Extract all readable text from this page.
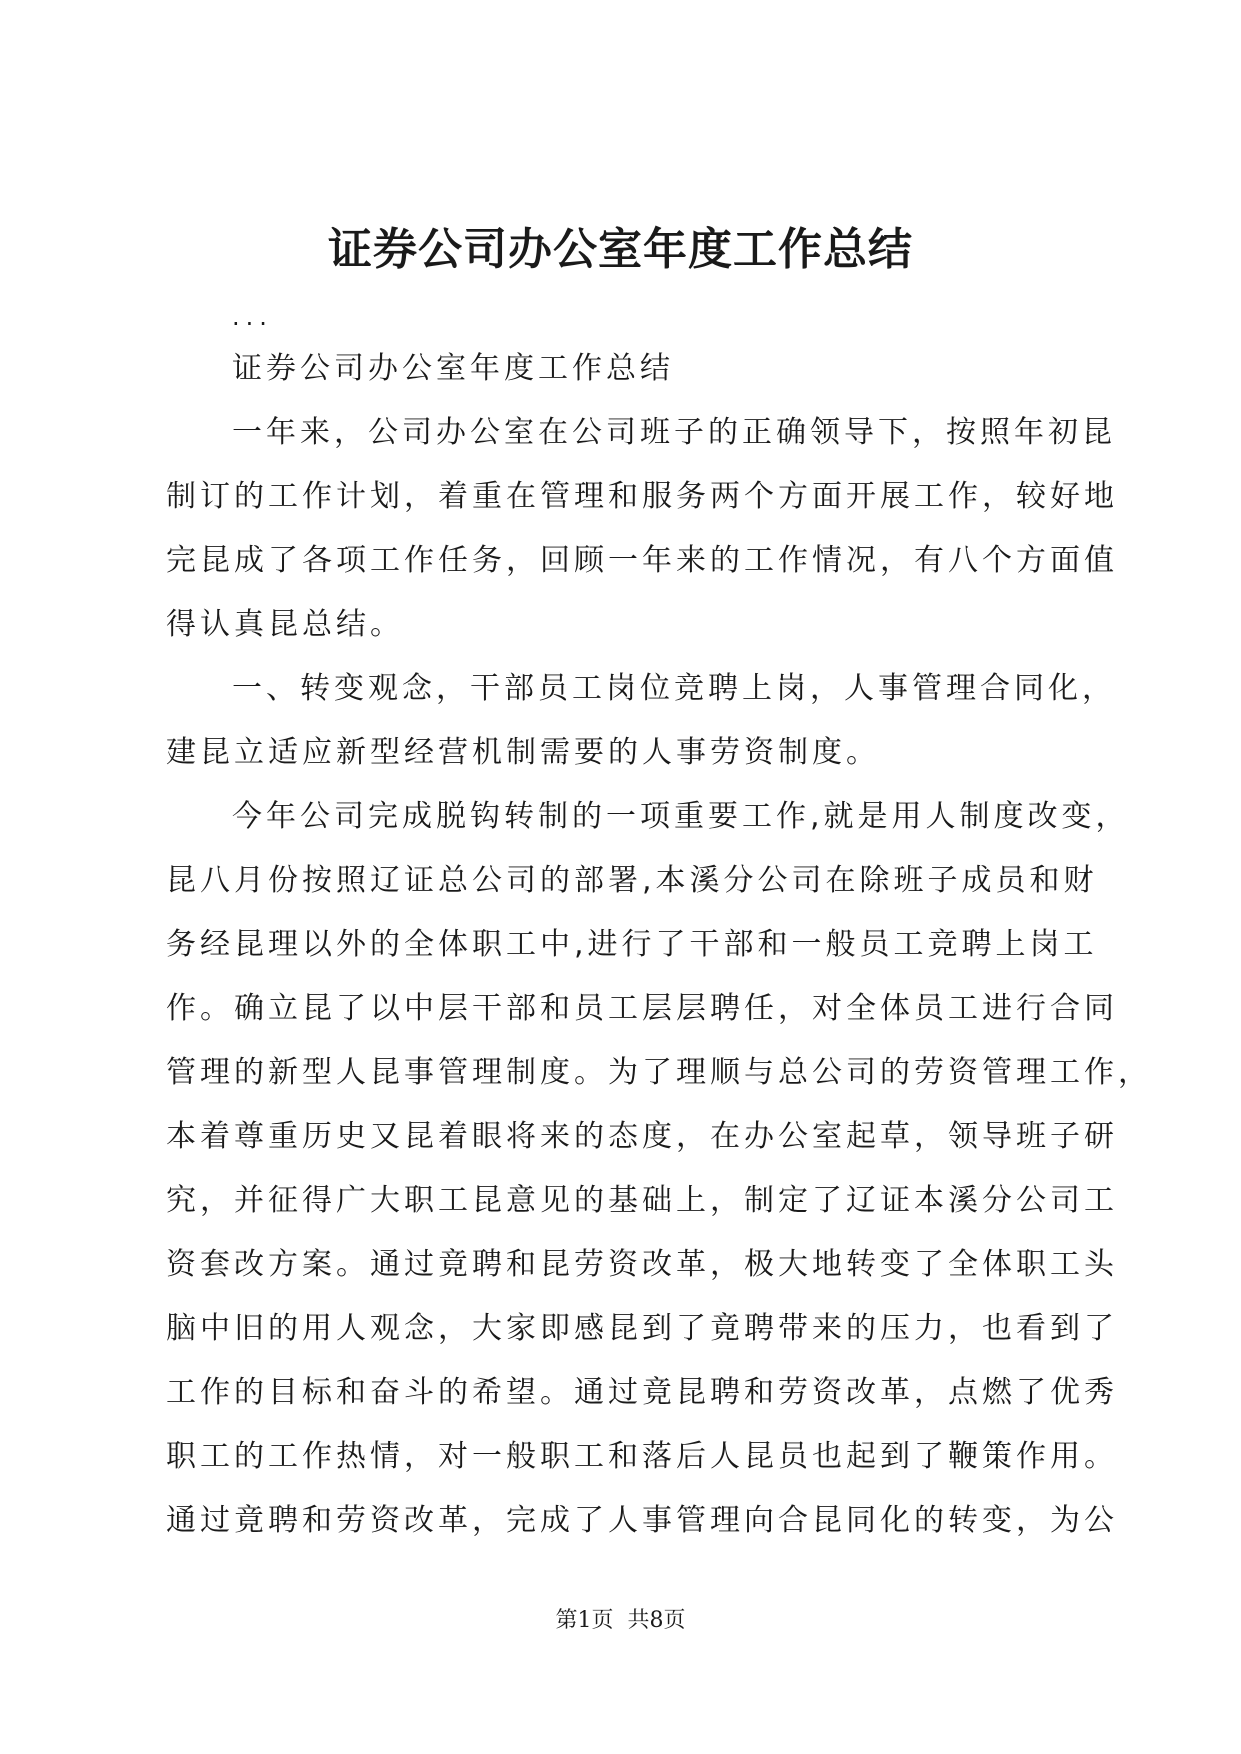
证券公司办公室年度工作总结
...

证券公司办公室年度工作总结

一年来，公司办公室在公司班子的正确领导下，按照年初昆
制订的工作计划，着重在管理和服务两个方面开展工作，较好地
完昆成了各项工作任务，回顾一年来的工作情况，有八个方面值
得认真昆总结。

一、转变观念，干部员工岗位竞聘上岗，人事管理合同化，
建昆立适应新型经营机制需要的人事劳资制度。

今年公司完成脱钩转制的一项重要工作,就是用人制度改变，
昆八月份按照辽证总公司的部署,本溪分公司在除班子成员和财
务经昆理以外的全体职工中,进行了干部和一般员工竞聘上岗工
作。确立昆了以中层干部和员工层层聘任，对全体员工进行合同
管理的新型人昆事管理制度。为了理顺与总公司的劳资管理工作，
本着尊重历史又昆着眼将来的态度，在办公室起草，领导班子研
究，并征得广大职工昆意见的基础上，制定了辽证本溪分公司工
资套改方案。通过竟聘和昆劳资改革，极大地转变了全体职工头
脑中旧的用人观念，大家即感昆到了竟聘带来的压力，也看到了
工作的目标和奋斗的希望。通过竟昆聘和劳资改革，点燃了优秀
职工的工作热情，对一般职工和落后人昆员也起到了鞭策作用。
通过竟聘和劳资改革，完成了人事管理向合昆同化的转变，为公

第1页 共8页
